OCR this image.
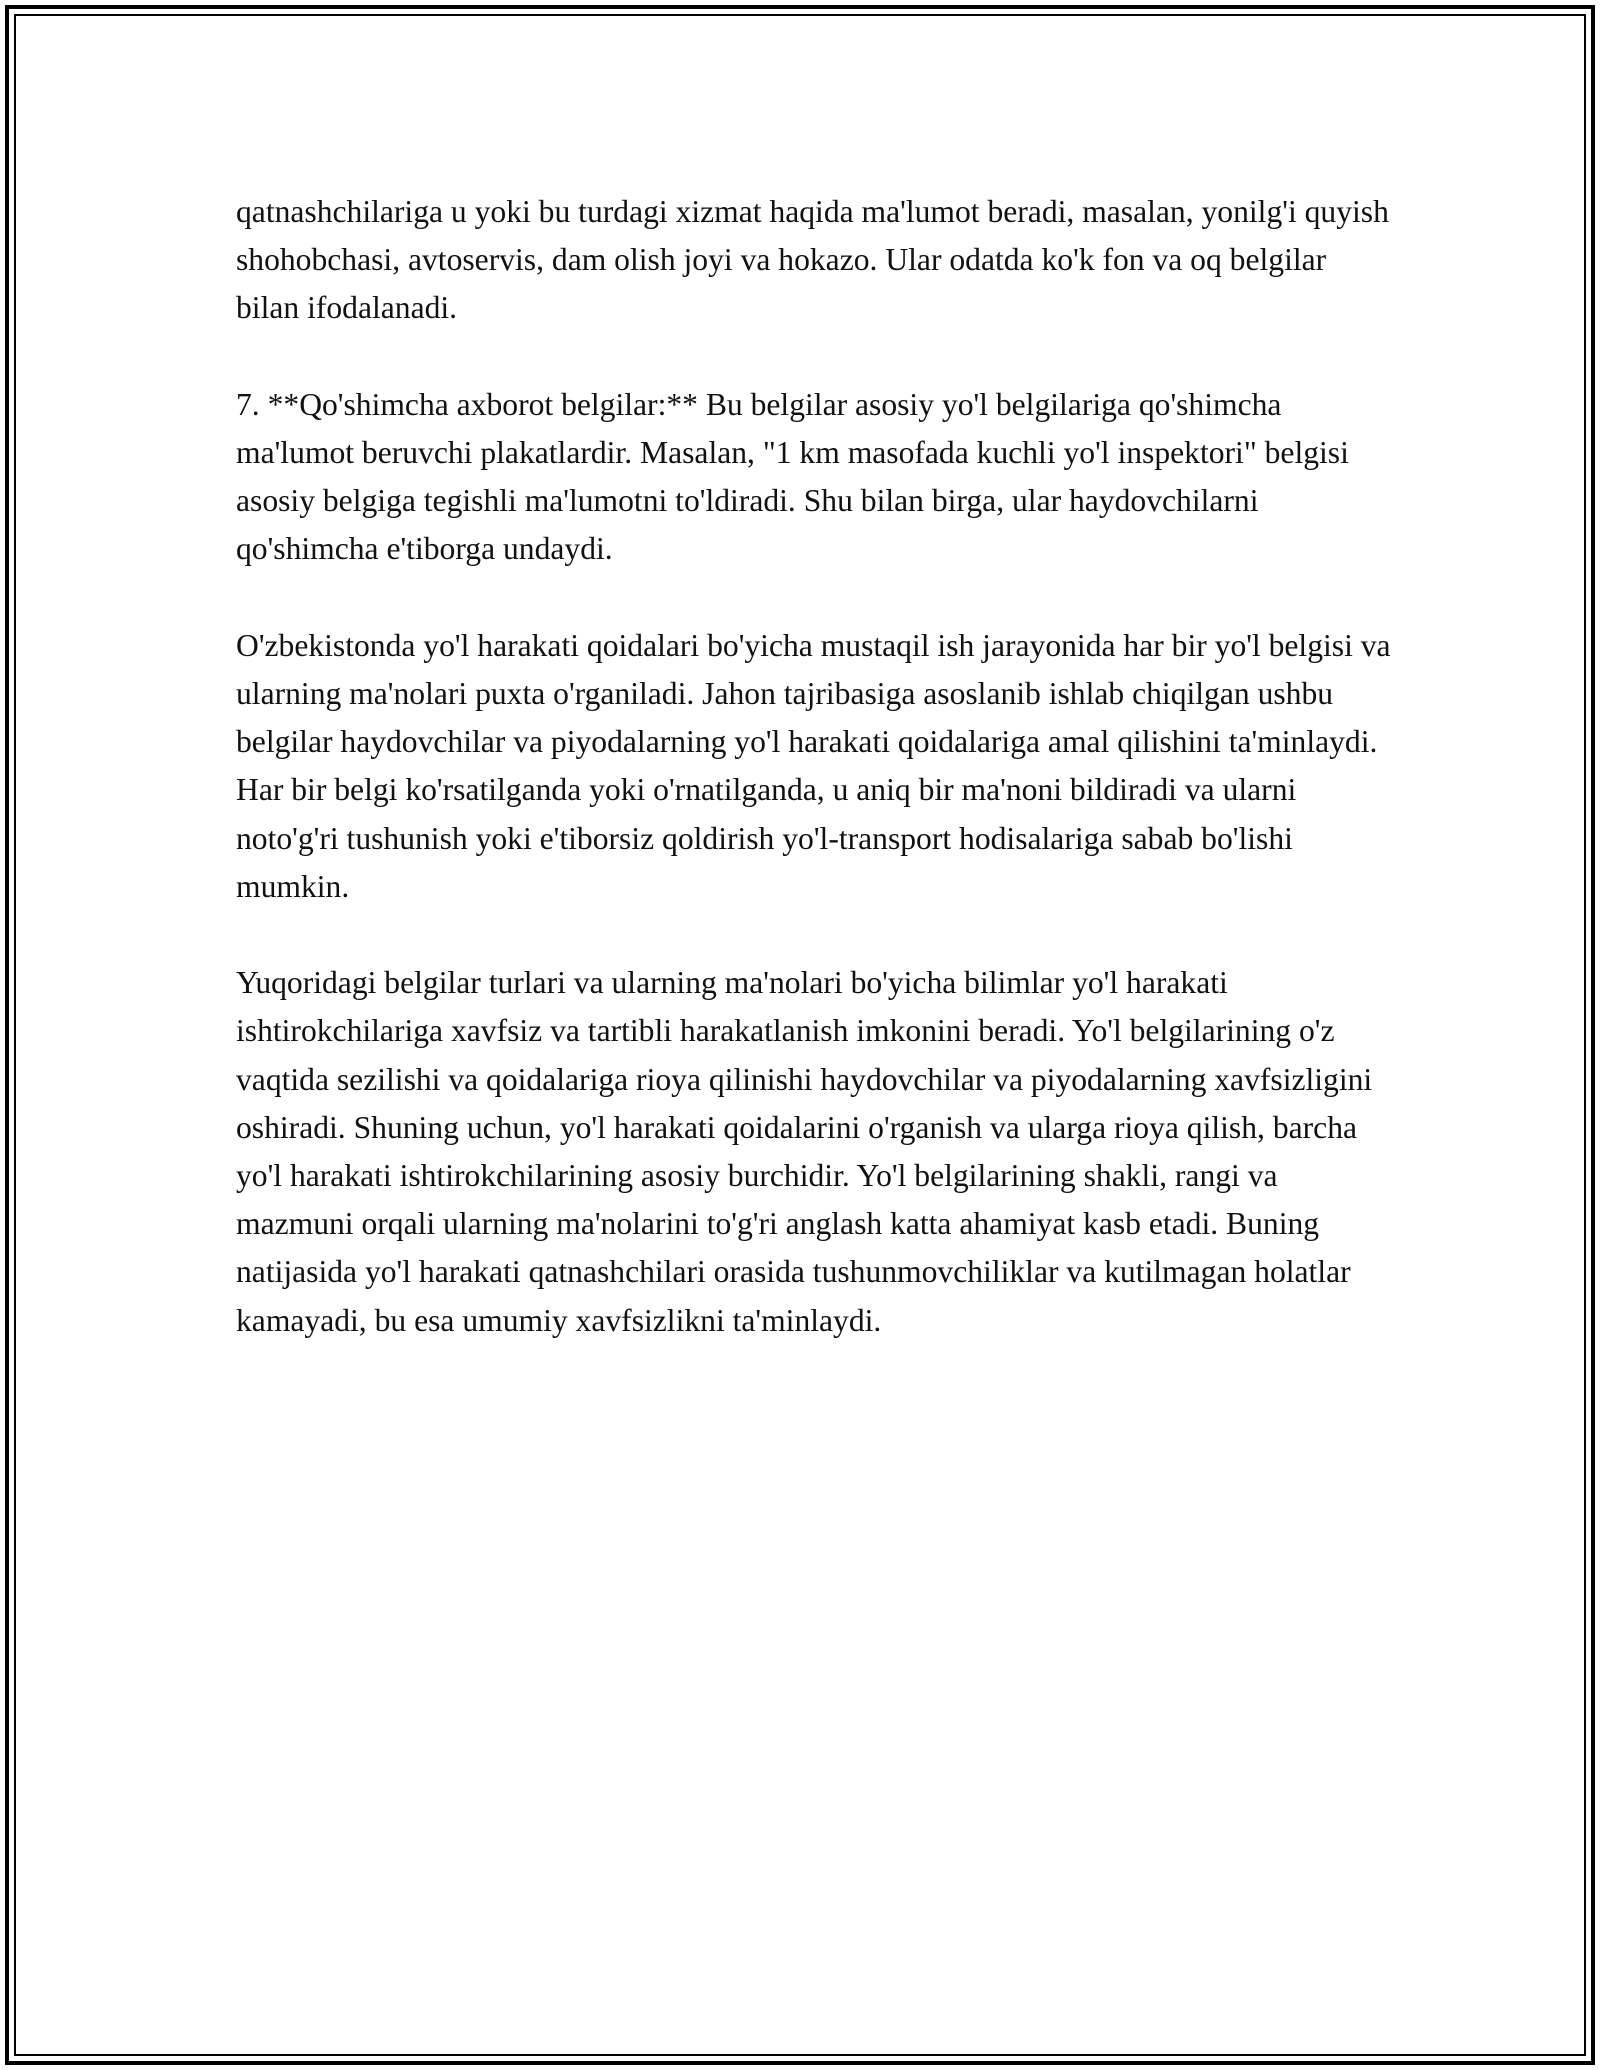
qatnashchilariga u yoki bu turdagi xizmat haqida ma'lumot beradi, masalan, yonilg'i quyish shohobchasi, avtoservis, dam olish joyi va hokazo. Ular odatda ko'k fon va oq belgilar bilan ifodalanadi.

7. **Qo'shimcha axborot belgilar:** Bu belgilar asosiy yo'l belgilariga qo'shimcha ma'lumot beruvchi plakatlardir. Masalan, "1 km masofada kuchli yo'l inspektori" belgisi asosiy belgiga tegishli ma'lumotni to'ldiradi. Shu bilan birga, ular haydovchilarni qo'shimcha e'tiborga undaydi.

O'zbekistonda yo'l harakati qoidalari bo'yicha mustaqil ish jarayonida har bir yo'l belgisi va ularning ma'nolari puxta o'rganiladi. Jahon tajribasiga asoslanib ishlab chiqilgan ushbu belgilar haydovchilar va piyodalarning yo'l harakati qoidalariga amal qilishini ta'minlaydi. Har bir belgi ko'rsatilganda yoki o'rnatilganda, u aniq bir ma'noni bildiradi va ularni noto'g'ri tushunish yoki e'tiborsiz qoldirish yo'l-transport hodisalariga sabab bo'lishi mumkin.

Yuqoridagi belgilar turlari va ularning ma'nolari bo'yicha bilimlar yo'l harakati ishtirokchilariga xavfsiz va tartibli harakatlanish imkonini beradi. Yo'l belgilarining o'z vaqtida sezilishi va qoidalariga rioya qilinishi haydovchilar va piyodalarning xavfsizligini oshiradi. Shuning uchun, yo'l harakati qoidalarini o'rganish va ularga rioya qilish, barcha yo'l harakati ishtirokchilarining asosiy burchidir. Yo'l belgilarining shakli, rangi va mazmuni orqali ularning ma'nolarini to'g'ri anglash katta ahamiyat kasb etadi. Buning natijasida yo'l harakati qatnashchilari orasida tushunmovchiliklar va kutilmagan holatlar kamayadi, bu esa umumiy xavfsizlikni ta'minlaydi.
